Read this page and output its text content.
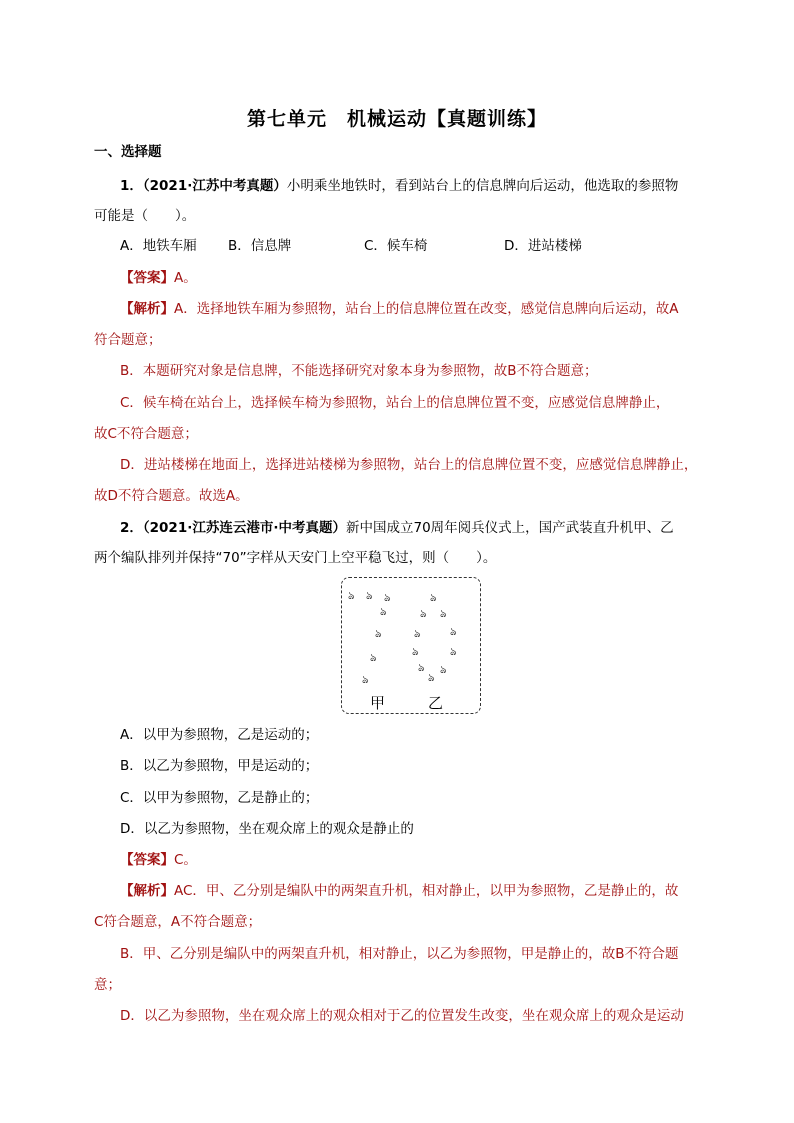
第七单元　机械运动【真题训练】
一、选择题
1．（2021·江苏中考真题）小明乘坐地铁时，看到站台上的信息牌向后运动，他选取的参照物
可能是（　　）。
A．地铁车厢 B．信息牌	C．候车椅	D．进站楼梯
【答案】A。
【解析】A．选择地铁车厢为参照物，站台上的信息牌位置在改变，感觉信息牌向后运动，故A
符合题意；
B．本题研究对象是信息牌，不能选择研究对象本身为参照物，故B不符合题意；
C．候车椅在站台上，选择候车椅为参照物，站台上的信息牌位置不变，应感觉信息牌静止，
故C不符合题意；
D．进站楼梯在地面上，选择进站楼梯为参照物，站台上的信息牌位置不变，应感觉信息牌静止，
故D不符合题意。故选A。
2．（2021·江苏连云港市·中考真题）新中国成立70周年阅兵仪式上，国产武装直升机甲、乙
两个编队排列并保持“70”字样从天安门上空平稳飞过，则（　　）。
ঌ ঌ ঌ
ঌ
ঌ
ঌ
ঌ
ঌ
ঌ ঌ
ঌ
ঌ
ঌ	ঌ
ঌ ঌ
ঌ
甲	乙
A．以甲为参照物，乙是运动的；
B．以乙为参照物，甲是运动的；
C．以甲为参照物，乙是静止的；
D．以乙为参照物，坐在观众席上的观众是静止的
【答案】C。
【解析】AC．甲、乙分别是编队中的两架直升机，相对静止，以甲为参照物，乙是静止的，故
C符合题意，A不符合题意；
B．甲、乙分别是编队中的两架直升机，相对静止，以乙为参照物，甲是静止的，故B不符合题
意；
D．以乙为参照物，坐在观众席上的观众相对于乙的位置发生改变，坐在观众席上的观众是运动
